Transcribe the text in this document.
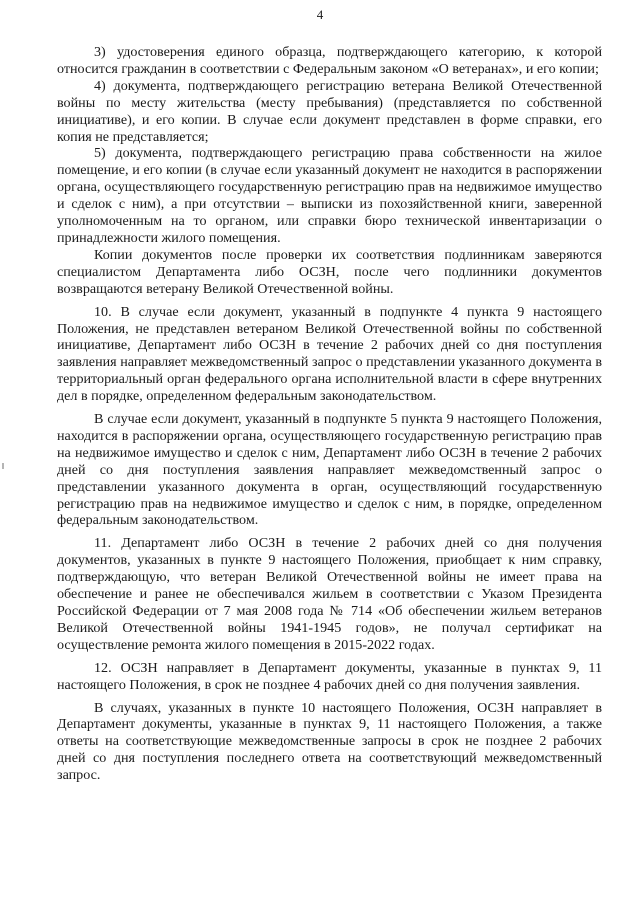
4

3) удостоверения единого образца, подтверждающего категорию, к которой относится гражданин в соответствии с Федеральным законом «О ветеранах», и его копии;

4) документа, подтверждающего регистрацию ветерана Великой Отечественной войны по месту жительства (месту пребывания) (представляется по собственной инициативе), и его копии. В случае если документ представлен в форме справки, его копия не представляется;

5) документа, подтверждающего регистрацию права собственности на жилое помещение, и его копии (в случае если указанный документ не находится в распоряжении органа, осуществляющего государственную регистрацию прав на недвижимое имущество и сделок с ним), а при отсутствии – выписки из похозяйственной книги, заверенной уполномоченным на то органом, или справки бюро технической инвентаризации о принадлежности жилого помещения.

Копии документов после проверки их соответствия подлинникам заверяются специалистом Департамента либо ОСЗН, после чего подлинники документов возвращаются ветерану Великой Отечественной войны.

10. В случае если документ, указанный в подпункте 4 пункта 9 настоящего Положения, не представлен ветераном Великой Отечественной войны по собственной инициативе, Департамент либо ОСЗН в течение 2 рабочих дней со дня поступления заявления направляет межведомственный запрос о представлении указанного документа в территориальный орган федерального органа исполнительной власти в сфере внутренних дел в порядке, определенном федеральным законодательством.

В случае если документ, указанный в подпункте 5 пункта 9 настоящего Положения, находится в распоряжении органа, осуществляющего государственную регистрацию прав на недвижимое имущество и сделок с ним, Департамент либо ОСЗН в течение 2 рабочих дней со дня поступления заявления направляет межведомственный запрос о представлении указанного документа в орган, осуществляющий государственную регистрацию прав на недвижимое имущество и сделок с ним, в порядке, определенном федеральным законодательством.

11. Департамент либо ОСЗН в течение 2 рабочих дней со дня получения документов, указанных в пункте 9 настоящего Положения, приобщает к ним справку, подтверждающую, что ветеран Великой Отечественной войны не имеет права на обеспечение и ранее не обеспечивался жильем в соответствии с Указом Президента Российской Федерации от 7 мая 2008 года № 714 «Об обеспечении жильем ветеранов Великой Отечественной войны 1941-1945 годов», не получал сертификат на осуществление ремонта жилого помещения в 2015-2022 годах.

12. ОСЗН направляет в Департамент документы, указанные в пунктах 9, 11 настоящего Положения, в срок не позднее 4 рабочих дней со дня получения заявления.

В случаях, указанных в пункте 10 настоящего Положения, ОСЗН направляет в Департамент документы, указанные в пунктах 9, 11 настоящего Положения, а также ответы на соответствующие межведомственные запросы в срок не позднее 2 рабочих дней со дня поступления последнего ответа на соответствующий межведомственный запрос.
